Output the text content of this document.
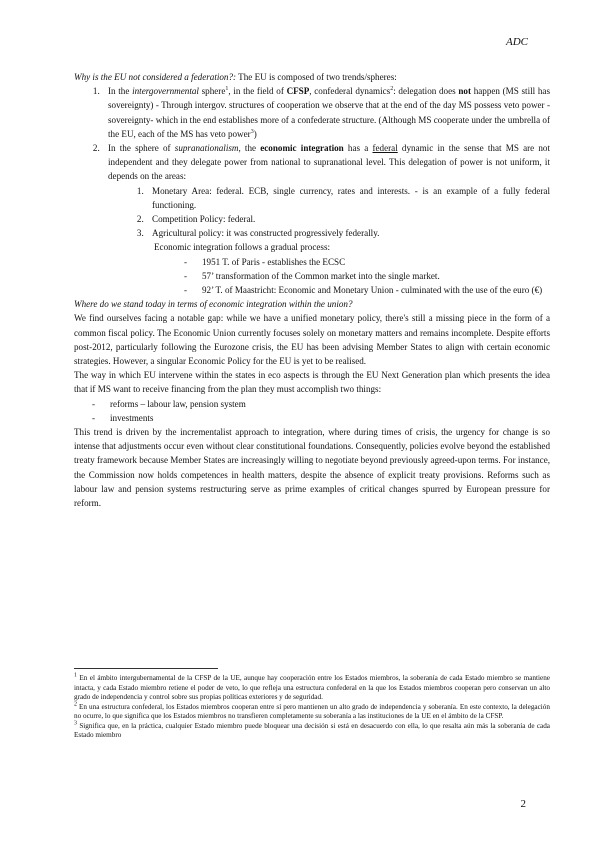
ADC

Why is the EU not considered a federation?: The EU is composed of two trends/spheres:

1. In the intergovernmental sphere$^1$, in the field of CFSP, confederal dynamics$^2$: delegation does not happen (MS still has sovereignty) - Through intergov. structures of cooperation we observe that at the end of the day MS possess veto power -sovereignty- which in the end establishes more of a confederate structure. (Although MS cooperate under the umbrella of the EU, each of the MS has veto power$^3$)
2. In the sphere of supranationalism, the economic integration has a federal dynamic in the sense that MS are not independent and they delegate power from national to supranational level. This delegation of power is not uniform, it depends on the areas:
1. Monetary Area: federal. ECB, single currency, rates and interests. - is an example of a fully federal functioning.
2. Competition Policy: federal.
3. Agricultural policy: it was constructed progressively federally.

Economic integration follows a gradual process:

- 1951 T. of Paris - establishes the ECSC
- 57’ transformation of the Common market into the single market.
- 92’ T. of Maastricht: Economic and Monetary Union - culminated with the use of the euro (€)

Where do we stand today in terms of economic integration within the union?

We find ourselves facing a notable gap: while we have a unified monetary policy, there's still a missing piece in the form of a common fiscal policy. The Economic Union currently focuses solely on monetary matters and remains incomplete. Despite efforts post-2012, particularly following the Eurozone crisis, the EU has been advising Member States to align with certain economic strategies. However, a singular Economic Policy for the EU is yet to be realised.

The way in which EU intervene within the states in eco aspects is through the EU Next Generation plan which presents the idea that if MS want to receive financing from the plan they must accomplish two things:

- reforms – labour law, pension system
- investments

This trend is driven by the incrementalist approach to integration, where during times of crisis, the urgency for change is so intense that adjustments occur even without clear constitutional foundations. Consequently, policies evolve beyond the established treaty framework because Member States are increasingly willing to negotiate beyond previously agreed-upon terms. For instance, the Commission now holds competences in health matters, despite the absence of explicit treaty provisions. Reforms such as labour law and pension systems restructuring serve as prime examples of critical changes spurred by European pressure for reform.

$^1$ En el ámbito intergubernamental de la CFSP de la UE, aunque hay cooperación entre los Estados miembros, la soberanía de cada Estado miembro se mantiene intacta, y cada Estado miembro retiene el poder de veto, lo que refleja una estructura confederal en la que los Estados miembros cooperan pero conservan un alto grado de independencia y control sobre sus propias políticas exteriores y de seguridad.

$^2$ En una estructura confederal, los Estados miembros cooperan entre sí pero mantienen un alto grado de independencia y soberanía. En este contexto, la delegación no ocurre, lo que significa que los Estados miembros no transfieren completamente su soberanía a las instituciones de la UE en el ámbito de la CFSP.

$^3$ Significa que, en la práctica, cualquier Estado miembro puede bloquear una decisión si está en desacuerdo con ella, lo que resalta aún más la soberanía de cada Estado miembro

2
